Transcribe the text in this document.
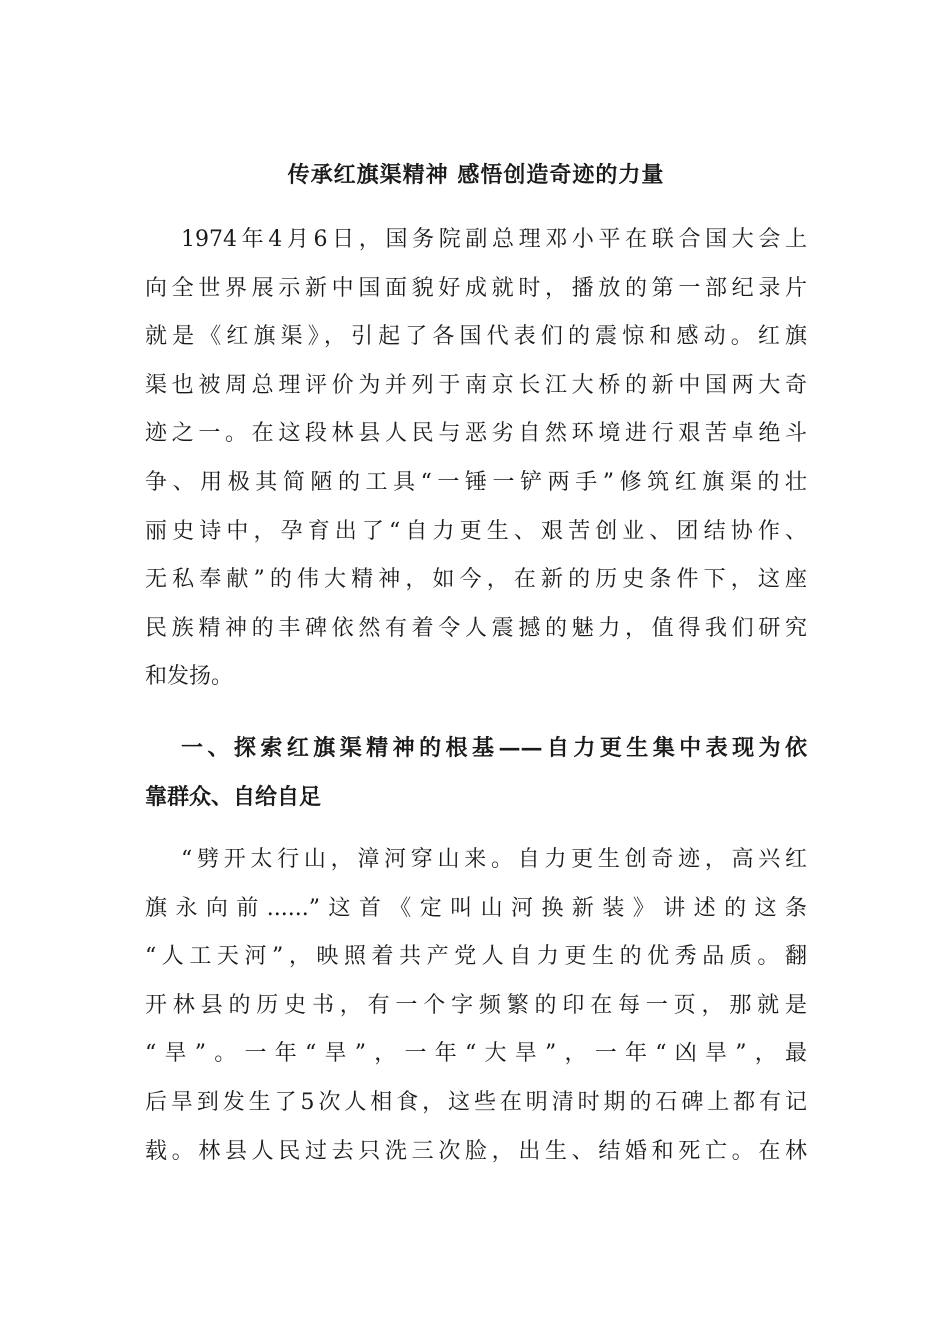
传承红旗渠精神 感悟创造奇迹的力量
1974年4月6日，国务院副总理邓小平在联合国大会上
向全世界展示新中国面貌好成就时，播放的第一部纪录片
就是《红旗渠》，引起了各国代表们的震惊和感动。红旗
渠也被周总理评价为并列于南京长江大桥的新中国两大奇
迹之一。在这段林县人民与恶劣自然环境进行艰苦卓绝斗
争、用极其简陋的工具“一锤一铲两手”修筑红旗渠的壮
丽史诗中，孕育出了“自力更生、艰苦创业、团结协作、
无私奉献”的伟大精神，如今，在新的历史条件下，这座
民族精神的丰碑依然有着令人震撼的魅力，值得我们研究
和发扬。
一、探索红旗渠精神的根基——自力更生集中表现为依
靠群众、自给自足
“劈开太行山，漳河穿山来。自力更生创奇迹，高兴红
旗永向前......”这首《定叫山河换新装》讲述的这条
“人工天河”，映照着共产党人自力更生的优秀品质。翻
开林县的历史书，有一个字频繁的印在每一页，那就是
“旱”。一年“旱”，一年“大旱”，一年“凶旱”，最
后旱到发生了5次人相食，这些在明清时期的石碑上都有记
载。林县人民过去只洗三次脸，出生、结婚和死亡。在林
